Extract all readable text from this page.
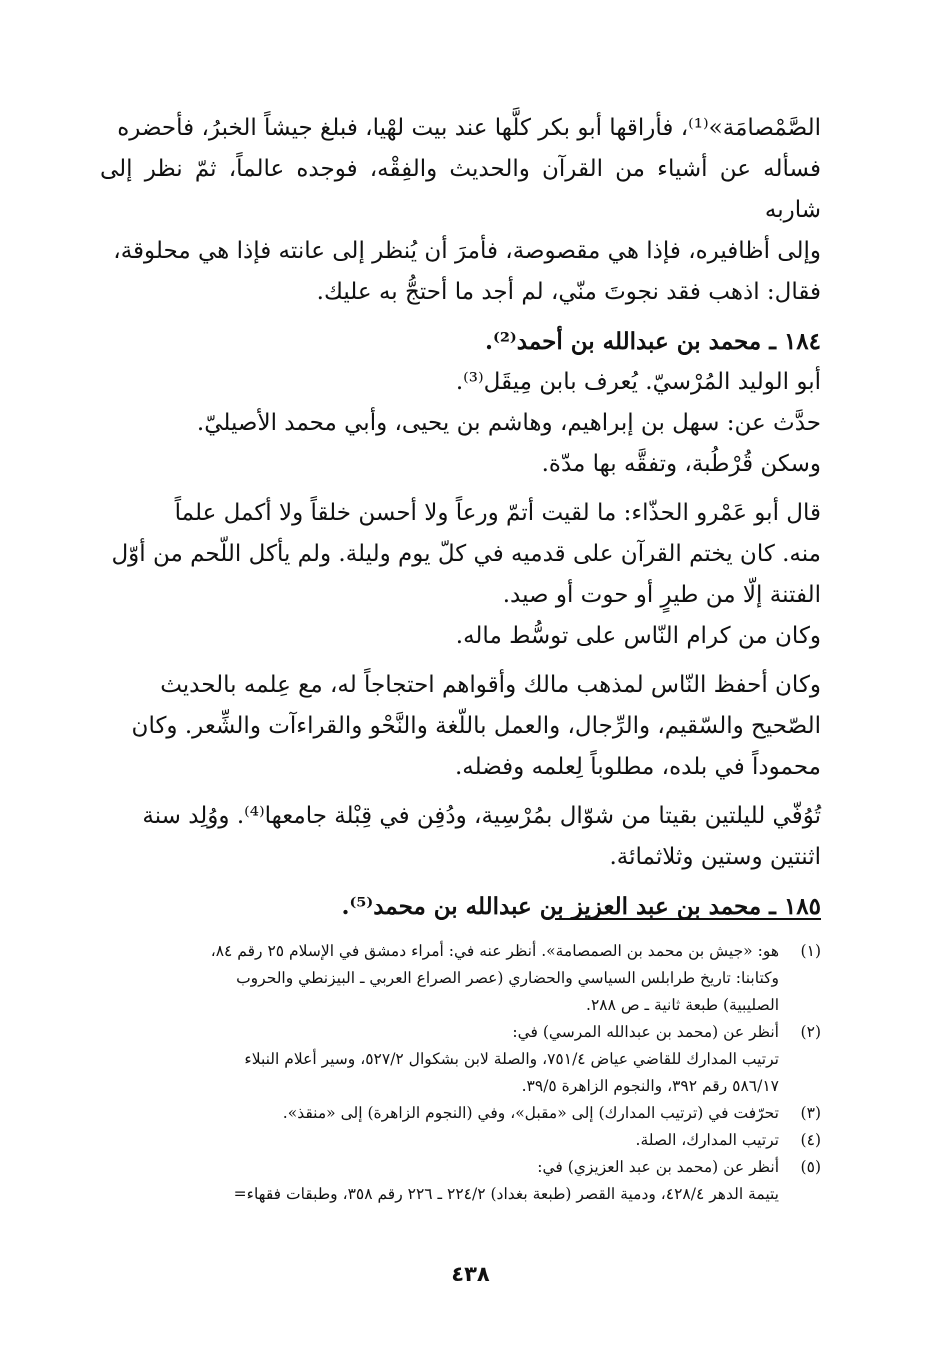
الصَّمْصامَة»⁽¹⁾، فأراقها أبو بكر كلَّها عند بيت لهْيا، فبلغ جيشاً الخبرُ، فأحضره

فسأله عن أشياء من القرآن والحديث والفِقْه، فوجده عالماً، ثمّ نظر إلى شاربه

وإلى أظافيره، فإذا هي مقصوصة، فأمرَ أن يُنظر إلى عانته فإذا هي محلوقة،

فقال: اذهب فقد نجوتَ منّي، لم أجد ما أحتجُّ به عليك.

١٨٤ ـ محمد بن عبدالله بن أحمد⁽²⁾.

أبو الوليد المُرْسيّ. يُعرف بابن مِيقَل⁽³⁾.

حدَّث عن: سهل بن إبراهيم، وهاشم بن يحيى، وأبي محمد الأصيليّ.

وسكن قُرْطُبة، وتفقَّه بها مدّة.

قال أبو عَمْرو الحذّاء: ما لقيت أتمّ ورعاً ولا أحسن خلقاً ولا أكمل علماً

منه. كان يختم القرآن على قدميه في كلّ يوم وليلة. ولم يأكل اللّحم من أوّل

الفتنة إلّا من طيرٍ أو حوت أو صيد.

وكان من كرام النّاس على توسُّط ماله.

وكان أحفظ النّاس لمذهب مالك وأقواهم احتجاجاً له، مع عِلمه بالحديث

الصّحيح والسّقيم، والرِّجال، والعمل باللّغة والنَّحْو والقراءآت والشِّعر. وكان

محموداً في بلده، مطلوباً لِعلمه وفضله.

تُوُفّي لليلتين بقيتا من شوّال بمُرْسِية، ودُفِن في قِبْلة جامعها⁽⁴⁾. ووُلِد سنة

اثنتين وستين وثلاثمائة.

١٨٥ ـ محمد بن عبد العزيز بن عبدالله بن محمد⁽⁵⁾.

(١)
هو: «جيش بن محمد بن الصمصامة». أنظر عنه في: أمراء دمشق في الإسلام ٢٥ رقم ٨٤،
وكتابنا: تاريخ طرابلس السياسي والحضاري (عصر الصراع العربي ـ البيزنطي والحروب
الصليبية) طبعة ثانية ـ ص ٢٨٨.
(٢)
أنظر عن (محمد بن عبدالله المرسي) في:
ترتيب المدارك للقاضي عياض ٧٥١/٤، والصلة لابن بشكوال ٥٢٧/٢، وسير أعلام النبلاء
٥٨٦/١٧ رقم ٣٩٢، والنجوم الزاهرة ٣٩/٥.
(٣)
تحرّفت في (ترتيب المدارك) إلى «مقبل»، وفي (النجوم الزاهرة) إلى «منقذ».
(٤)
ترتيب المدارك، الصلة.
(٥)
أنظر عن (محمد بن عبد العزيزي) في:
يتيمة الدهر ٤٢٨/٤، ودمية القصر (طبعة بغداد) ٢٢٤/٢ ـ ٢٢٦ رقم ٣٥٨، وطبقات فقهاء=
٤٣٨
